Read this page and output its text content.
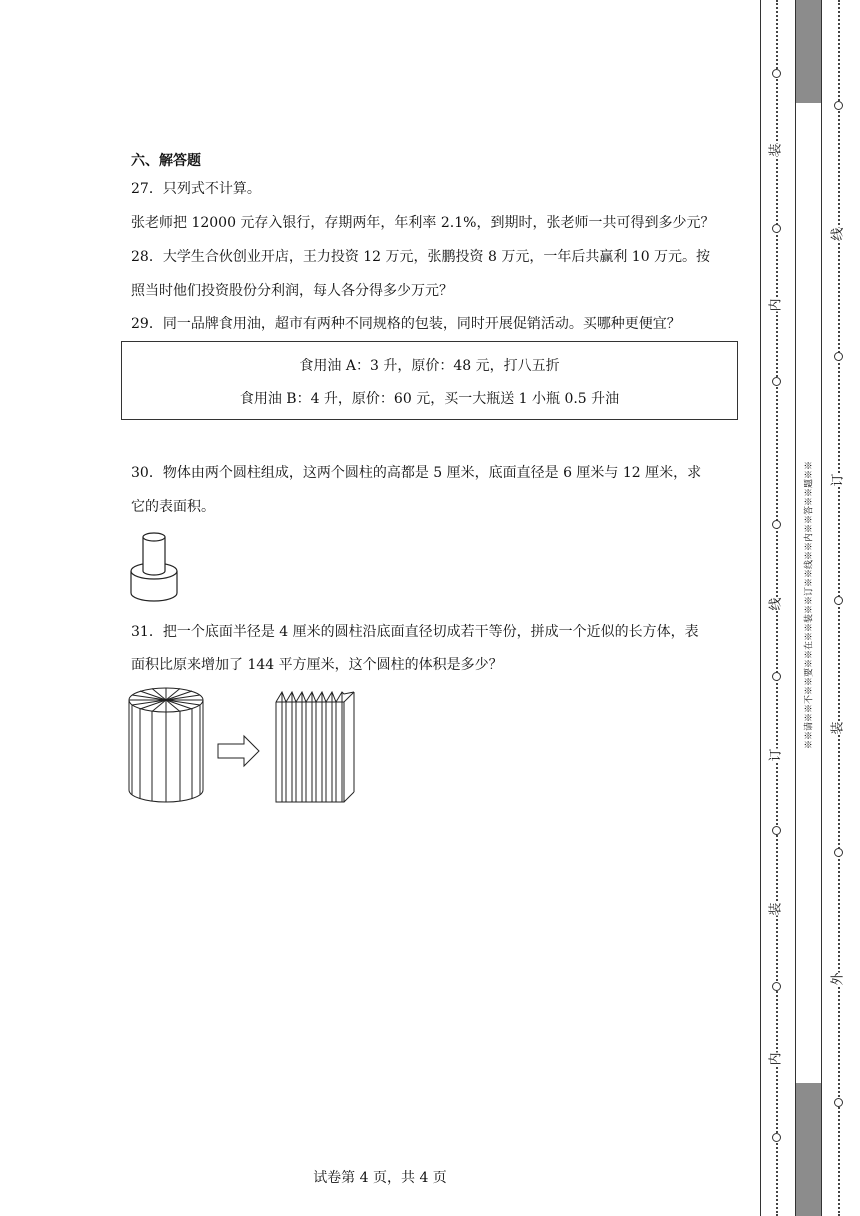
六、解答题
27．只列式不计算。
张老师把 12000 元存入银行，存期两年，年利率 2.1%，到期时，张老师一共可得到多少元？
28．大学生合伙创业开店，王力投资 12 万元，张鹏投资 8 万元，一年后共赢利 10 万元。按
照当时他们投资股份分利润，每人各分得多少万元？
29．同一品牌食用油，超市有两种不同规格的包装，同时开展促销活动。买哪种更便宜？
食用油 A：3 升，原价：48 元，打八五折
食用油 B：4 升，原价：60 元，买一大瓶送 1 小瓶 0.5 升油
30．物体由两个圆柱组成，这两个圆柱的高都是 5 厘米，底面直径是 6 厘米与 12 厘米，求
它的表面积。
31．把一个底面半径是 4 厘米的圆柱沿底面直径切成若干等份，拼成一个近似的长方体，表
面积比原来增加了 144 平方厘米，这个圆柱的体积是多少？
试卷第 4 页，共 4 页
装
内
线
订
装
内
线
订
装
外
※※请※※不※※要※※在※※装※※订※※线※※内※※答※※题※※
